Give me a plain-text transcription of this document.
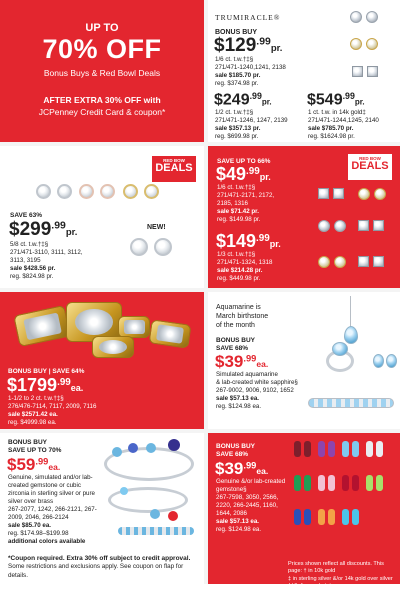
UP TO
70% OFF
Bonus Buys & Red Bowl Deals
AFTER EXTRA 30% OFF with
JCPenney Credit Card & coupon*
TRUMIRACLE®
BONUS BUY
$\$129^{.99}pr$.
1/6 ct. t.w.†‡§
271/471-1240,1241, 2138
sale $185.70 pr.
reg. $374.98 pr.
$\$249^{.99}pr$.
1/2 ct. t.w.†‡§
271/471-1246, 1247, 2139
sale $357.13 pr.
reg. $699.98 pr.
$\$549^{.99}pr$.
1 ct. t.w. in 14k gold‡
271/471-1244,1245, 2140
sale $785.70 pr.
reg. $1624.98 pr.
RED BOW
DEALS
SAVE 63%
$\$299^{.99}pr$.
5/8 ct. t.w.†‡§
271/471-3110, 3111, 3112, 3113, 3195
sale $428.56 pr.
reg. $824.98 pr.
NEW!
RED BOW
DEALS
SAVE UP TO 66%
$\$49^{.99}pr$.
1/6 ct. t.w.†‡§
271/471-2171, 2172, 2185, 1316
sale $71.42 pr.
reg. $149.98 pr.
$\$149^{.99}pr$.
1/3 ct. t.w.†‡§
271/471-1324, 1318
sale $214.28 pr.
reg. $449.98 pr.
BONUS BUY | SAVE 64%
$\$1799^{.99}ea$.
1-1/2 to 2 ct. t.w.†‡§
276/476-7114, 7117, 2009, 7116
sale $2571.42 ea.
reg. $4999.98 ea.
Aquamarine is
March birthstone
of the month
BONUS BUY
SAVE 68%
$\$39^{.99}ea$.
Simulated aquamarine
& lab-created white sapphire§
267-9002, 9006, 9102, 1652
sale $57.13 ea.
reg. $124.98 ea.
BONUS BUY
SAVE UP TO 70%
$\$59^{.99}ea$.
Genuine, simulated and/or lab-created gemstone or cubic zirconia in sterling silver or pure silver over brass
267-2077, 1242, 266-2121, 267-2009, 2046, 266-2124
sale $85.70 ea.
reg. $174.98–$199.98
additional colors available
*Coupon required. Extra 30% off subject to credit approval.
Some restrictions and exclusions apply. See coupon on flap for details.
BONUS BUY
SAVE 68%
$\$39^{.99}ea$.
Genuine &/or lab-created gemstone§
267-7598, 3050, 2566, 2220, 266-2445, 1160, 1644, 2086
sale $57.13 ea.
reg. $124.98 ea.
Prices shown reflect all discounts. This page: † in 10k gold
‡ in sterling silver &/or 14k gold over silver †‡§ diamond ct. t.w.
